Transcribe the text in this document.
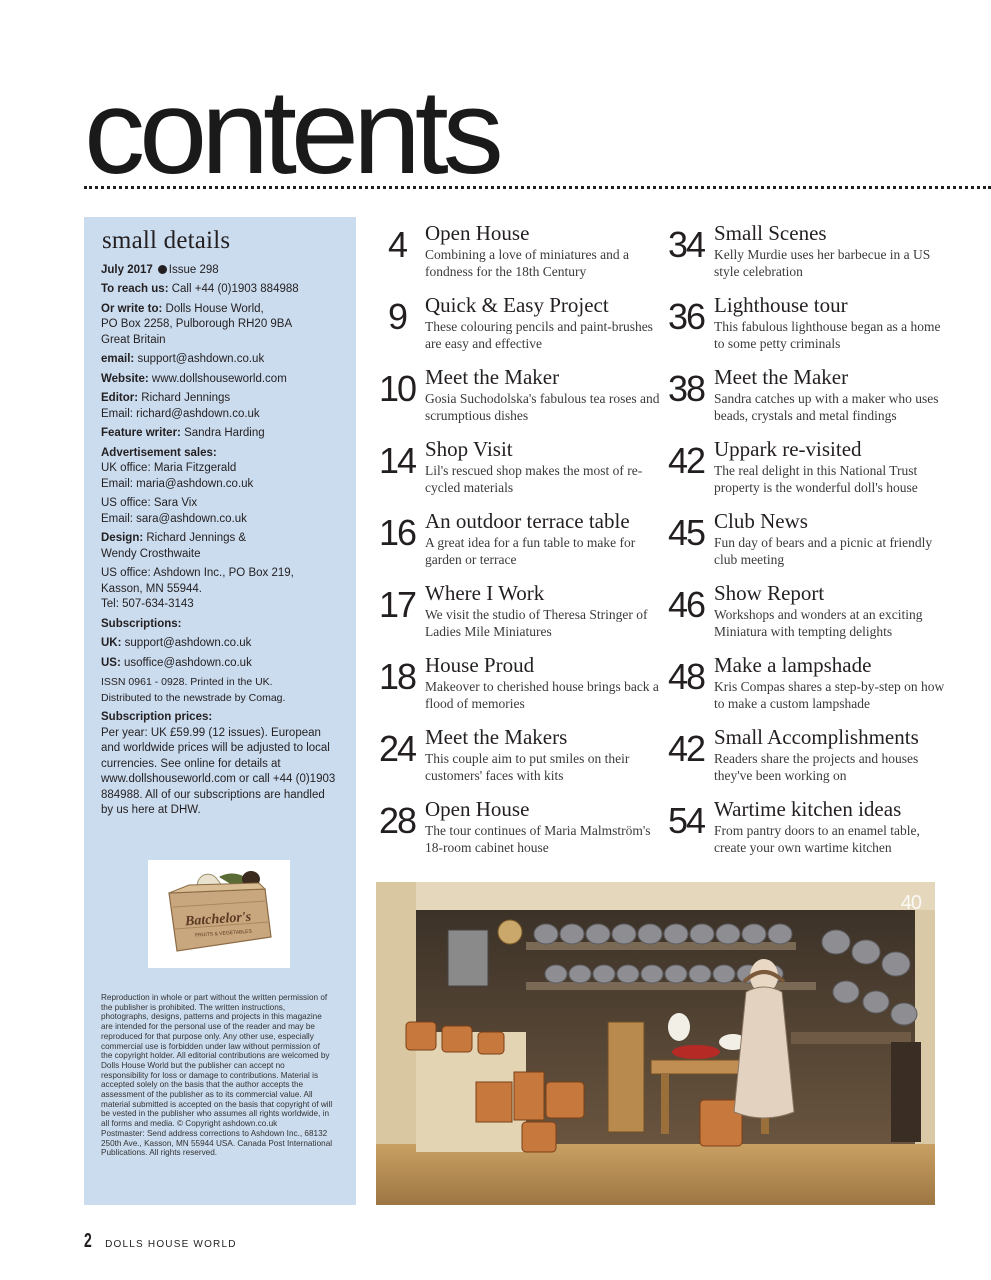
contents
small details
July 2017 Issue 298
To reach us: Call +44 (0)1903 884988
Or write to: Dolls House World,
PO Box 2258, Pulborough RH20 9BA
Great Britain
email: support@ashdown.co.uk
Website: www.dollshouseworld.com
Editor: Richard Jennings
Email: richard@ashdown.co.uk
Feature writer: Sandra Harding
Advertisement sales:
UK office: Maria Fitzgerald
Email: maria@ashdown.co.uk
US office: Sara Vix
Email: sara@ashdown.co.uk
Design: Richard Jennings &
Wendy Crosthwaite
US office: Ashdown Inc., PO Box 219,
Kasson, MN 55944.
Tel: 507-634-3143
Subscriptions:
UK: support@ashdown.co.uk
US: usoffice@ashdown.co.uk
ISSN 0961 - 0928. Printed in the UK.
Distributed to the newstrade by Comag.
Subscription prices:
Per year: UK £59.99 (12 issues). European and worldwide prices will be adjusted to local currencies. See online for details at www.dollshouseworld.com or call +44 (0)1903 884988. All of our subscriptions are handled by us here at DHW.
Batchelor's
FRUITS & VEGETABLES
Reproduction in whole or part without the written permission of the publisher is prohibited. The written instructions, photographs, designs, patterns and projects in this magazine are intended for the personal use of the reader and may be reproduced for that purpose only. Any other use, especially commercial use is forbidden under law without permission of the copyright holder. All editorial contributions are welcomed by Dolls House World but the publisher can accept no responsibility for loss or damage to contributions. Material is accepted solely on the basis that the author accepts the assessment of the publisher as to its commercial value. All material submitted is accepted on the basis that copyright of will be vested in the publisher who assumes all rights worldwide, in all forms and media. © Copyright ashdown.co.uk
Postmaster: Send address corrections to Ashdown Inc., 68132 250th Ave., Kasson, MN 55944 USA. Canada Post International Publications. All rights reserved.
4 Open House
Combining a love of miniatures and a fondness for the 18th Century
9 Quick & Easy Project
These colouring pencils and paint-brushes are easy and effective
10 Meet the Maker
Gosia Suchodolska's fabulous tea roses and scrumptious dishes
14 Shop Visit
Lil's rescued shop makes the most of re-cycled materials
16 An outdoor terrace table
A great idea for a fun table to make for garden or terrace
17 Where I Work
We visit the studio of Theresa Stringer of Ladies Mile Miniatures
18 House Proud
Makeover to cherished house brings back a flood of memories
24 Meet the Makers
This couple aim to put smiles on their customers' faces with kits
28 Open House
The tour continues of Maria Malmström's 18-room cabinet house
34 Small Scenes
Kelly Murdie uses her barbecue in a US style celebration
36 Lighthouse tour
This fabulous lighthouse began as a home to some petty criminals
38 Meet the Maker
Sandra catches up with a maker who uses beads, crystals and metal findings
42 Uppark re-visited
The real delight in this National Trust property is the wonderful doll's house
45 Club News
Fun day of bears and a picnic at friendly club meeting
46 Show Report
Workshops and wonders at an exciting Miniatura with tempting delights
48 Make a lampshade
Kris Compas shares a step-by-step on how to make a custom lampshade
42 Small Accomplishments
Readers share the projects and houses they've been working on
54 Wartime kitchen ideas
From pantry doors to an enamel table, create your own wartime kitchen
40
2 DOLLS HOUSE WORLD
